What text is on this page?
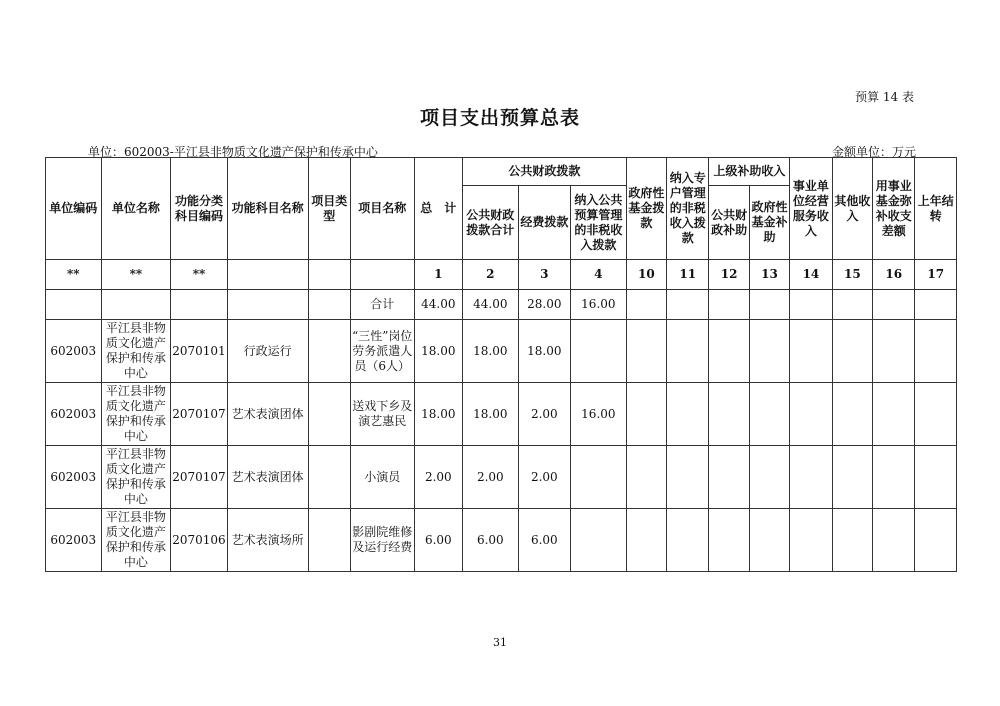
预算 14 表
项目支出预算总表
单位：602003-平江县非物质文化遗产保护和传承中心	金额单位：万元
单位编码	单位名称	功能分类科目编码	功能科目名称	项目类型	项目名称	总　计	公共财政拨款			政府性基金拨款	纳入专户管理的非税收入拨款	上级补助收入		事业单位经营服务收入	其他收入	用事业基金弥补收支差额	上年结转
							公共财政拨款合计	经费拨款	纳入公共预算管理的非税收入拨款			公共财政补助	政府性基金补助				

**	**	**				1	2	3	4	10	11	12	13	14	15	16	17
					合计	44.00	44.00	28.00	16.00								
602003	平江县非物质文化遗产保护和传承中心	2070101	行政运行		“三性”岗位劳务派遣人员（6人）	18.00	18.00	18.00									
602003	平江县非物质文化遗产保护和传承中心	2070107	艺术表演团体		送戏下乡及演艺惠民	18.00	18.00	2.00	16.00								
602003	平江县非物质文化遗产保护和传承中心	2070107	艺术表演团体		小演员	2.00	2.00	2.00									
602003	平江县非物质文化遗产保护和传承中心	2070106	艺术表演场所		影剧院维修及运行经费	6.00	6.00	6.00									
31
